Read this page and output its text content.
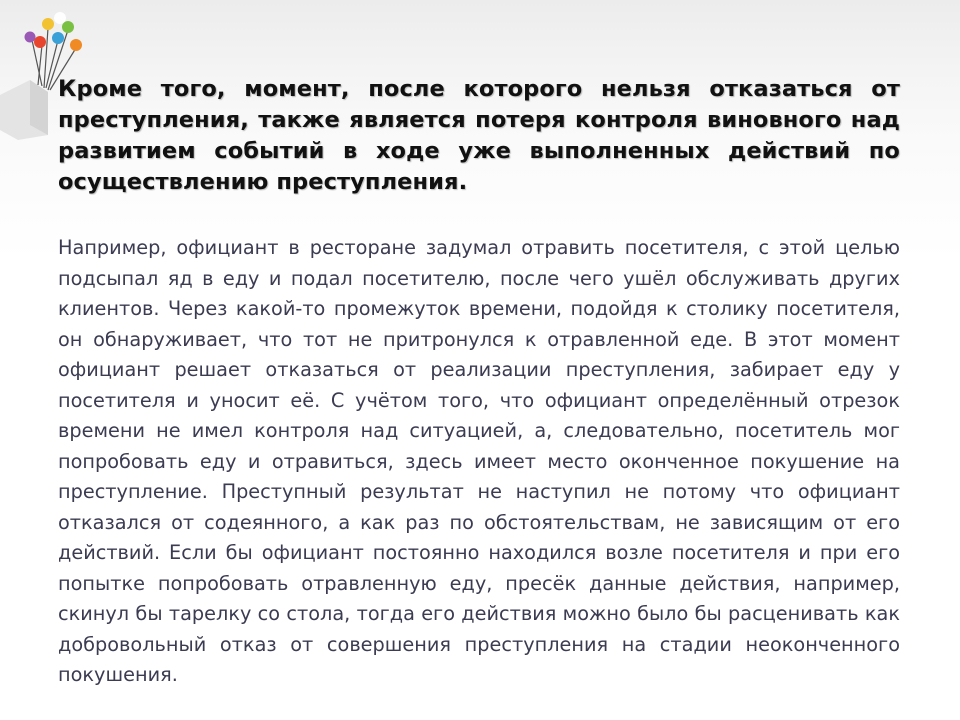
Кроме того, момент, после которого нельзя отказаться от преступления, также является потеря контроля виновного над развитием событий в ходе уже выполненных действий по осуществлению преступления.
Например, официант в ресторане задумал отравить посетителя, с этой целью подсыпал яд в еду и подал посетителю, после чего ушёл обслуживать других клиентов. Через какой-то промежуток времени, подойдя к столику посетителя, он обнаруживает, что тот не притронулся к отравленной еде. В этот момент официант решает отказаться от реализации преступления, забирает еду у посетителя и уносит её. С учётом того, что официант определённый отрезок времени не имел контроля над ситуацией, а, следовательно, посетитель мог попробовать еду и отравиться, здесь имеет место оконченное покушение на преступление. Преступный результат не наступил не потому что официант отказался от содеянного, а как раз по обстоятельствам, не зависящим от его действий. Если бы официант постоянно находился возле посетителя и при его попытке попробовать отравленную еду, пресёк данные действия, например, скинул бы тарелку со стола, тогда его действия можно было бы расценивать как добровольный отказ от совершения преступления на стадии неоконченного покушения.
